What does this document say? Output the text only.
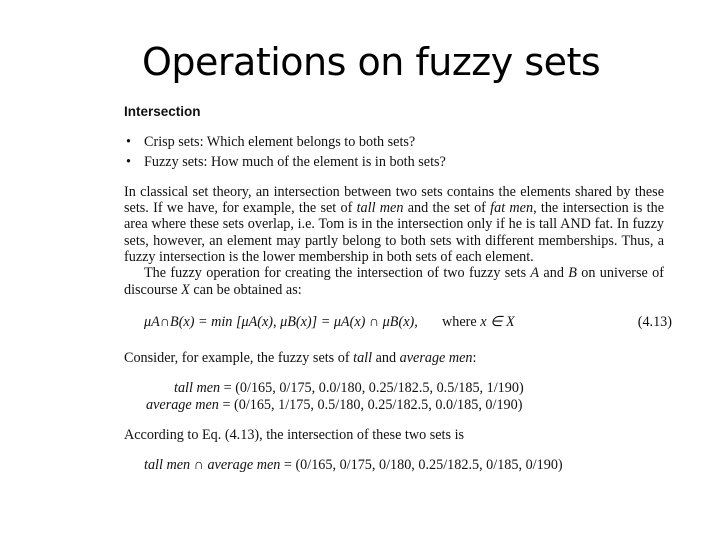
Operations on fuzzy sets
Intersection
• Crisp sets: Which element belongs to both sets?
• Fuzzy sets: How much of the element is in both sets?

In classical set theory, an intersection between two sets contains the elements shared by these sets. If we have, for example, the set of tall men and the set of fat men, the intersection is the area where these sets overlap, i.e. Tom is in the intersection only if he is tall AND fat. In fuzzy sets, however, an element may partly belong to both sets with different memberships. Thus, a fuzzy intersection is the lower membership in both sets of each element.

The fuzzy operation for creating the intersection of two fuzzy sets A and B on universe of discourse X can be obtained as:

μA∩B(x) = min [μA(x), μB(x)] = μA(x) ∩ μB(x), where x ∈ X	(4.13)

Consider, for example, the fuzzy sets of tall and average men:

tall men = (0/165, 0/175, 0.0/180, 0.25/182.5, 0.5/185, 1/190)

average men = (0/165, 1/175, 0.5/180, 0.25/182.5, 0.0/185, 0/190)

According to Eq. (4.13), the intersection of these two sets is

tall men ∩ average men = (0/165, 0/175, 0/180, 0.25/182.5, 0/185, 0/190)
